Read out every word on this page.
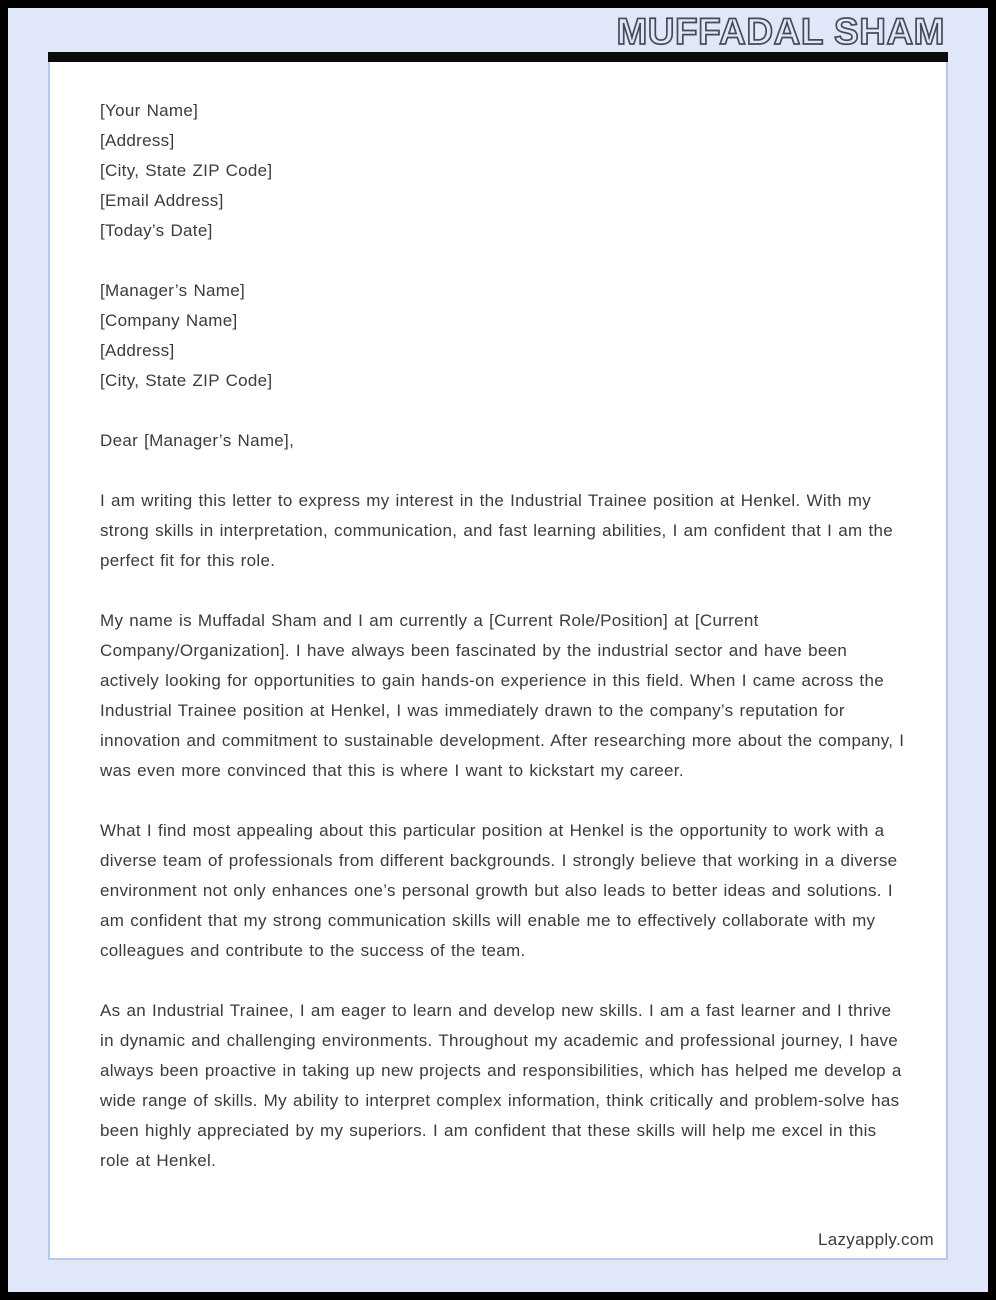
MUFFADAL SHAM
[Your Name]
[Address]
[City, State ZIP Code]
[Email Address]
[Today’s Date]
[Manager’s Name]
[Company Name]
[Address]
[City, State ZIP Code]
Dear [Manager’s Name],

I am writing this letter to express my interest in the Industrial Trainee position at Henkel. With my strong skills in interpretation, communication, and fast learning abilities, I am confident that I am the perfect fit for this role.

My name is Muffadal Sham and I am currently a [Current Role/Position] at [Current Company/Organization]. I have always been fascinated by the industrial sector and have been actively looking for opportunities to gain hands-on experience in this field. When I came across the Industrial Trainee position at Henkel, I was immediately drawn to the company’s reputation for innovation and commitment to sustainable development. After researching more about the company, I was even more convinced that this is where I want to kickstart my career.

What I find most appealing about this particular position at Henkel is the opportunity to work with a diverse team of professionals from different backgrounds. I strongly believe that working in a diverse environment not only enhances one’s personal growth but also leads to better ideas and solutions. I am confident that my strong communication skills will enable me to effectively collaborate with my colleagues and contribute to the success of the team.

As an Industrial Trainee, I am eager to learn and develop new skills. I am a fast learner and I thrive in dynamic and challenging environments. Throughout my academic and professional journey, I have always been proactive in taking up new projects and responsibilities, which has helped me develop a wide range of skills. My ability to interpret complex information, think critically and problem-solve has been highly appreciated by my superiors. I am confident that these skills will help me excel in this role at Henkel.

Lazyapply.com
